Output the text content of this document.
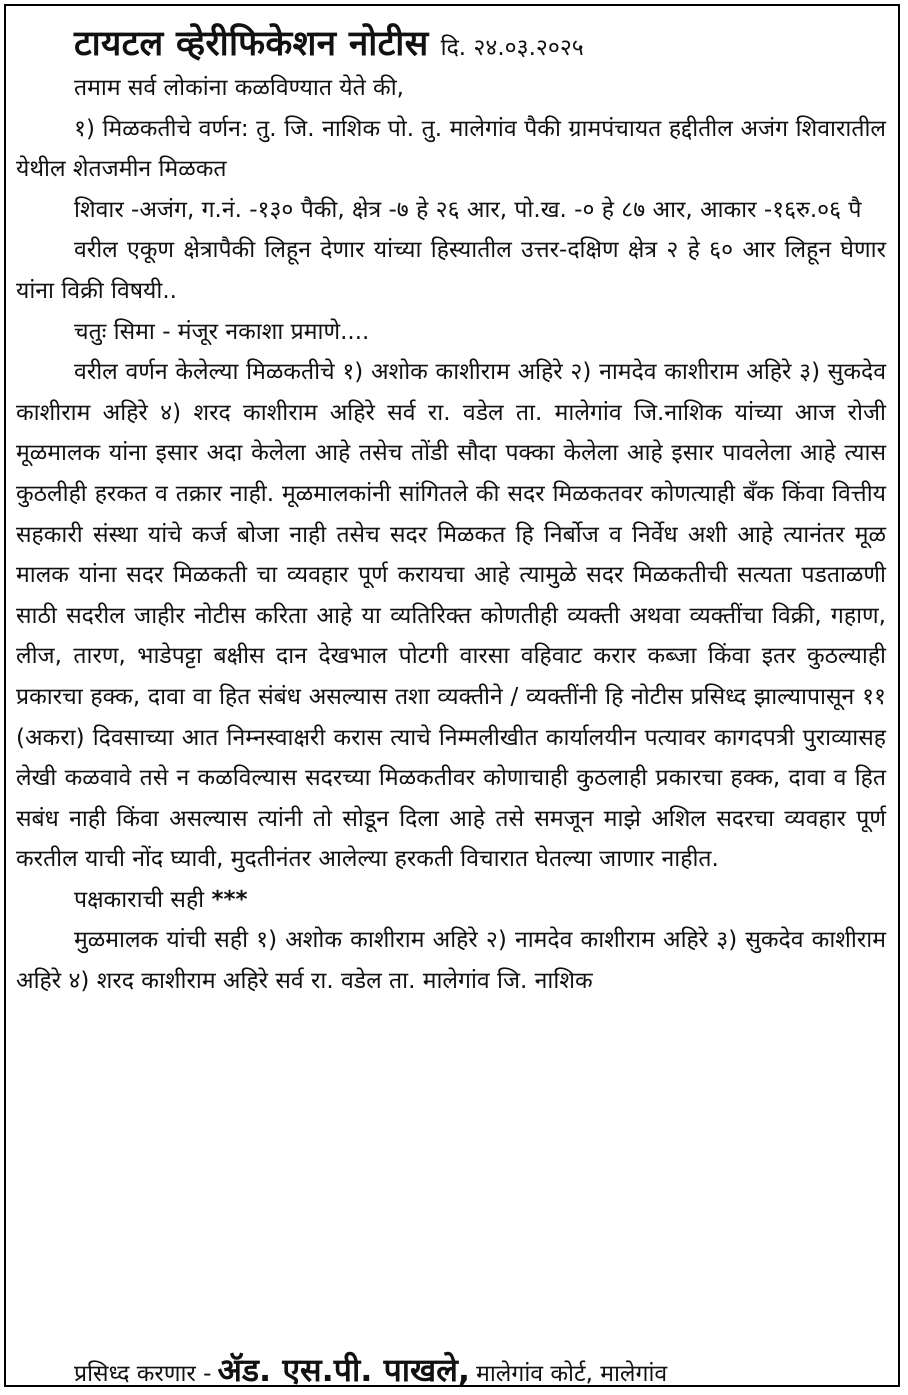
टायटल व्हेरीफिकेशन नोटीस दि. २४.०३.२०२५

तमाम सर्व लोकांना कळविण्यात येते की,

१) मिळकतीचे वर्णन: तु. जि. नाशिक पो. तु. मालेगांव पैकी ग्रामपंचायत हद्दीतील अजंग शिवारातील येथील शेतजमीन मिळकत

शिवार -अजंग, ग.नं. -१३० पैकी, क्षेत्र -७ हे २६ आर, पो.ख. -० हे ८७ आर, आकार -१६रु.०६ पै

वरील एकूण क्षेत्रापैकी लिहून देणार यांच्या हिस्यातील उत्तर-दक्षिण क्षेत्र २ हे ६० आर लिहून घेणार यांना विक्री विषयी..

चतुः सिमा - मंजूर नकाशा प्रमाणे....

वरील वर्णन केलेल्या मिळकतीचे १) अशोक काशीराम अहिरे २) नामदेव काशीराम अहिरे ३) सुकदेव काशीराम अहिरे ४) शरद काशीराम अहिरे सर्व रा. वडेल ता. मालेगांव जि.नाशिक यांच्या आज रोजी मूळमालक यांना इसार अदा केलेला आहे तसेच तोंडी सौदा पक्का केलेला आहे इसार पावलेला आहे त्यास कुठलीही हरकत व तक्रार नाही. मूळमालकांनी सांगितले की सदर मिळकतवर कोणत्याही बँक किंवा वित्तीय सहकारी संस्था यांचे कर्ज बोजा नाही तसेच सदर मिळकत हि निर्बोज व निर्वेध अशी आहे त्यानंतर मूळ मालक यांना सदर मिळकती चा व्यवहार पूर्ण करायचा आहे त्यामुळे सदर मिळकतीची सत्यता पडताळणी साठी सदरील जाहीर नोटीस करिता आहे या व्यतिरिक्त कोणतीही व्यक्ती अथवा व्यक्तींचा विक्री, गहाण, लीज, तारण, भाडेपट्टा बक्षीस दान देखभाल पोटगी वारसा वहिवाट करार कब्जा किंवा इतर कुठल्याही प्रकारचा हक्क, दावा वा हित संबंध असल्यास तशा व्यक्तीने / व्यक्तींनी हि नोटीस प्रसिध्द झाल्यापासून ११ (अकरा) दिवसाच्या आत निम्नस्वाक्षरी करास त्याचे निम्मलीखीत कार्यालयीन पत्यावर कागदपत्री पुराव्यासह लेखी कळवावे तसे न कळविल्यास सदरच्या मिळकतीवर कोणाचाही कुठलाही प्रकारचा हक्क, दावा व हित सबंध नाही किंवा असल्यास त्यांनी तो सोडून दिला आहे तसे समजून माझे अशिल सदरचा व्यवहार पूर्ण करतील याची नोंद घ्यावी, मुदतीनंतर आलेल्या हरकती विचारात घेतल्या जाणार नाहीत.

पक्षकाराची सही ***

मुळमालक यांची सही १) अशोक काशीराम अहिरे २) नामदेव काशीराम अहिरे ३) सुकदेव काशीराम अहिरे ४) शरद काशीराम अहिरे सर्व रा. वडेल ता. मालेगांव जि. नाशिक

प्रसिध्द करणार - ॲड. एस.पी. पाखले, मालेगांव कोर्ट, मालेगांव
